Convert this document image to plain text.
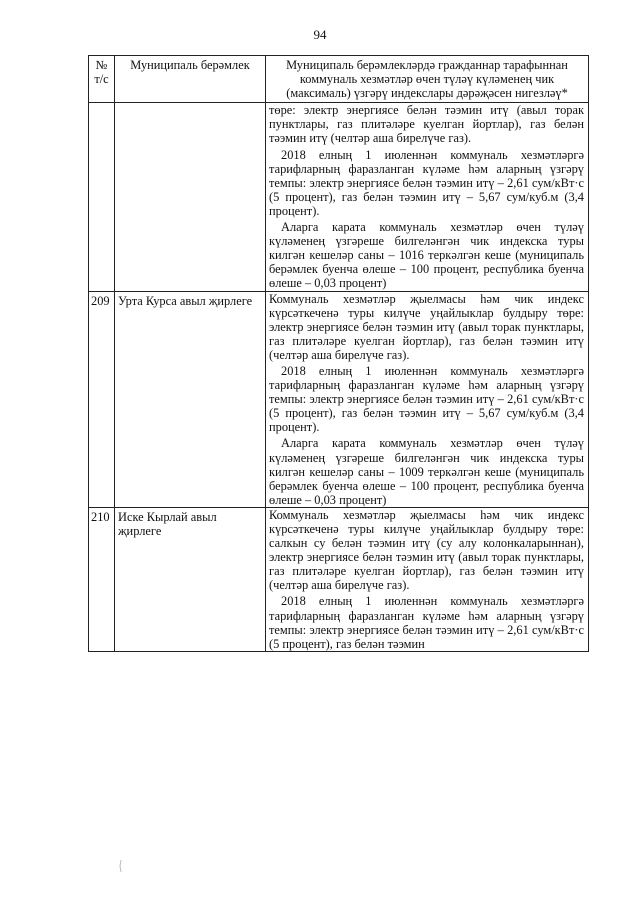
94
№ т/с	Муниципаль берәмлек	Муниципаль берәмлекләрдә гражданнар тарафыннан коммуналь хезмәтләр өчен түләү күләменең чик (максималь) үзгәрү индекслары дәрәҗәсен нигезләү*

		төре: электр энергиясе белән тәэмин итү (авыл торак пунктлары, газ плитәләре куелган йортлар), газ белән тәэмин итү (челтәр аша бирелүче газ).
2018 елның 1 июленнән коммуналь хезмәтләргә тарифларның фаразланган күләме һәм аларның үзгәрү темпы: электр энергиясе белән тәэмин итү – 2,61 сум/кВт·с (5 процент), газ белән тәэмин итү – 5,67 сум/куб.м (3,4 процент).
Аларга карата коммуналь хезмәтләр өчен түләү күләменең үзгәреше билгеләнгән чик индекска туры килгән кешеләр саны – 1016 теркәлгән кеше (муниципаль берәмлек буенча өлеше – 100 процент, республика буенча өлеше – 0,03 процент)

209	Урта Курса авыл җирлеге	Коммуналь хезмәтләр җыелмасы һәм чик индекс күрсәткеченә туры килүче уңайлыклар булдыру төре: электр энергиясе белән тәэмин итү (авыл торак пунктлары, газ плитәләре куелган йортлар), газ белән тәэмин итү (челтәр аша бирелүче газ).
2018 елның 1 июленнән коммуналь хезмәтләргә тарифларның фаразланган күләме һәм аларның үзгәрү темпы: электр энергиясе белән тәэмин итү – 2,61 сум/кВт·с (5 процент), газ белән тәэмин итү – 5,67 сум/куб.м (3,4 процент).
Аларга карата коммуналь хезмәтләр өчен түләү күләменең үзгәреше билгеләнгән чик индекска туры килгән кешеләр саны – 1009 теркәлгән кеше (муниципаль берәмлек буенча өлеше – 100 процент, республика буенча өлеше – 0,03 процент)

210	Иске Кырлай авыл җирлеге	Коммуналь хезмәтләр җыелмасы һәм чик индекс күрсәткеченә туры килүче уңайлыклар булдыру төре: салкын су белән тәэмин итү (су алу колонкаларыннан), электр энергиясе белән тәэмин итү (авыл торак пунктлары, газ плитәләре куелган йортлар), газ белән тәэмин итү (челтәр аша бирелүче газ).
2018 елның 1 июленнән коммуналь хезмәтләргә тарифларның фаразланган күләме һәм аларның үзгәрү темпы: электр энергиясе белән тәэмин итү – 2,61 сум/кВт·с (5 процент), газ белән тәэмин
